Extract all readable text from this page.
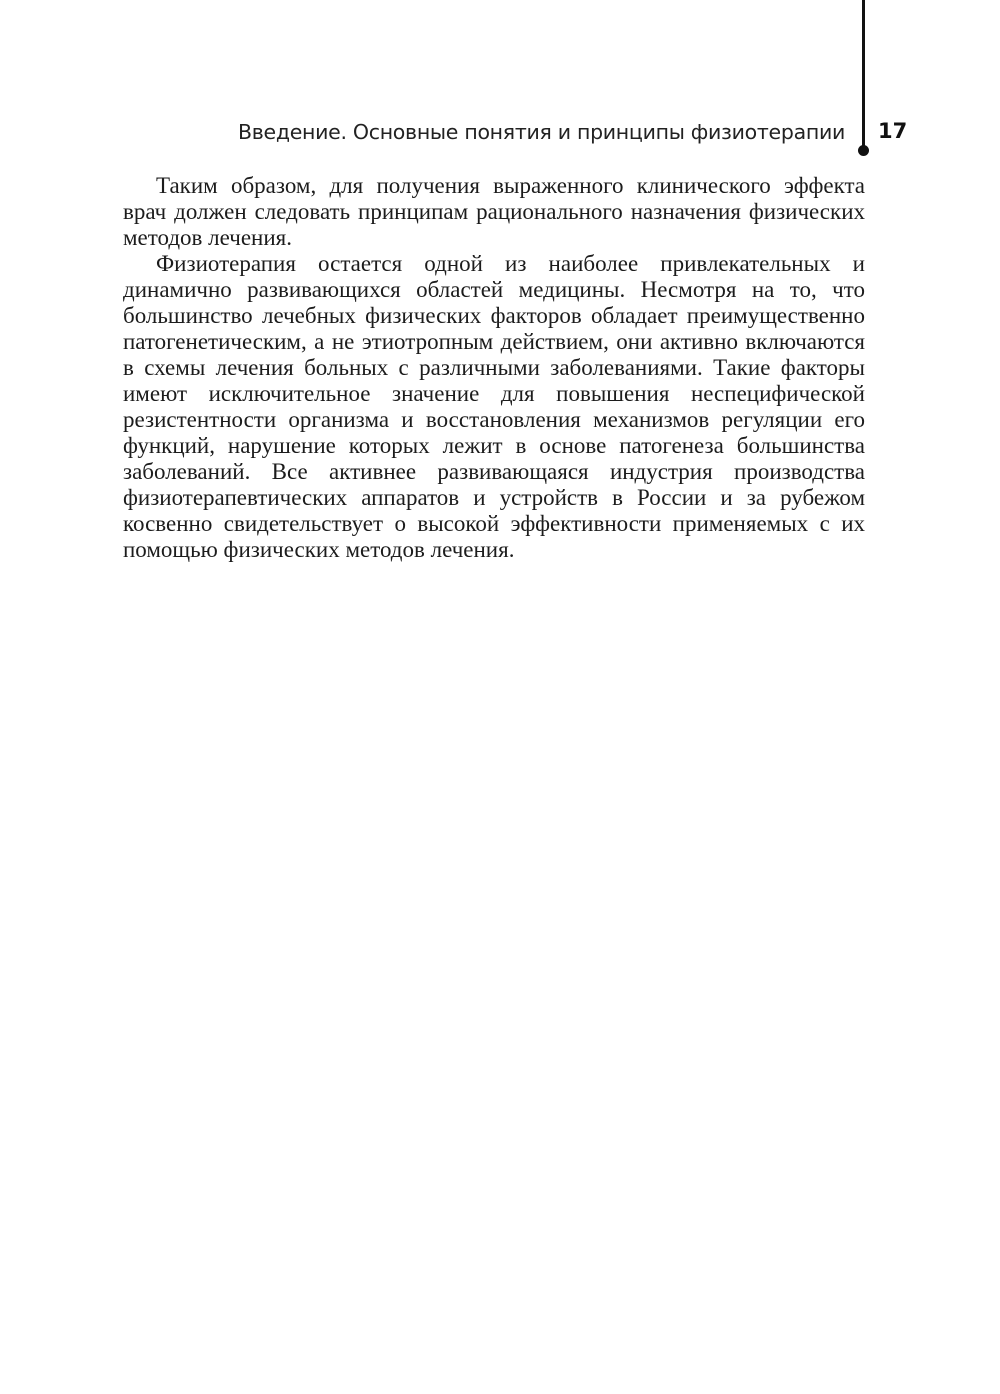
Введение. Основные понятия и принципы физиотерапии 17

Таким образом, для получения выраженного клинического эффекта врач должен следовать принципам рационального назначения физических методов лечения.

Физиотерапия остается одной из наиболее привлекательных и динамично развивающихся областей медицины. Несмотря на то, что большинство лечебных физических факторов обладает преимущественно патогенетическим, а не этиотропным действием, они активно включаются в схемы лечения больных с различными заболеваниями. Такие факторы имеют исключительное значение для повышения неспецифической резистентности организма и восстановления механизмов регуляции его функций, нарушение которых лежит в основе патогенеза большинства заболеваний. Все активнее развивающаяся индустрия производства физиотерапевтических аппаратов и устройств в России и за рубежом косвенно свидетельствует о высокой эффективности применяемых с их помощью физических методов лечения.
